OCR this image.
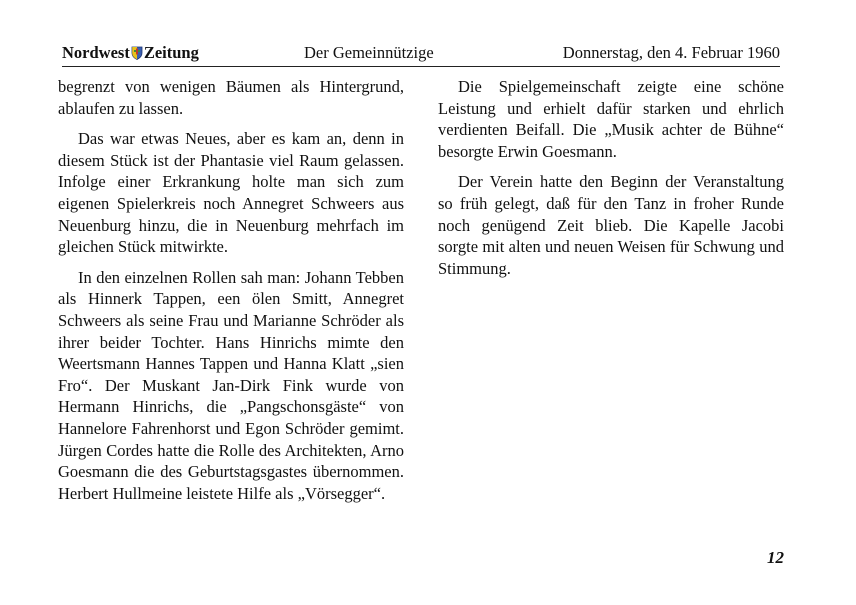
Nordwest Zeitung	Der Gemeinnützige	Donnerstag, den 4. Februar 1960

begrenzt von wenigen Bäumen als Hintergrund, ablaufen zu lassen.

Das war etwas Neues, aber es kam an, denn in diesem Stück ist der Phantasie viel Raum gelassen. Infolge einer Erkrankung holte man sich zum eigenen Spielerkreis noch Annegret Schweers aus Neuenburg hinzu, die in Neuenburg mehrfach im gleichen Stück mitwirkte.

In den einzelnen Rollen sah man: Johann Tebben als Hinnerk Tappen, een ölen Smitt, Annegret Schweers als seine Frau und Marianne Schröder als ihrer beider Tochter. Hans Hinrichs mimte den Weertsmann Hannes Tappen und Hanna Klatt „sien Fro“. Der Muskant Jan-Dirk Fink wurde von Hermann Hinrichs, die „Pangschonsgäste“ von Hannelore Fahrenhorst und Egon Schröder gemimt. Jürgen Cordes hatte die Rolle des Architekten, Arno Goesmann die des Geburtstagsgastes übernommen. Herbert Hullmeine leistete Hilfe als „Vörsegger“.

Die Spielgemeinschaft zeigte eine schöne Leistung und erhielt dafür starken und ehrlich verdienten Beifall. Die „Musik achter de Bühne“ besorgte Erwin Goesmann.

Der Verein hatte den Beginn der Veranstaltung so früh gelegt, daß für den Tanz in froher Runde noch genügend Zeit blieb. Die Kapelle Jacobi sorgte mit alten und neuen Weisen für Schwung und Stimmung.

12
